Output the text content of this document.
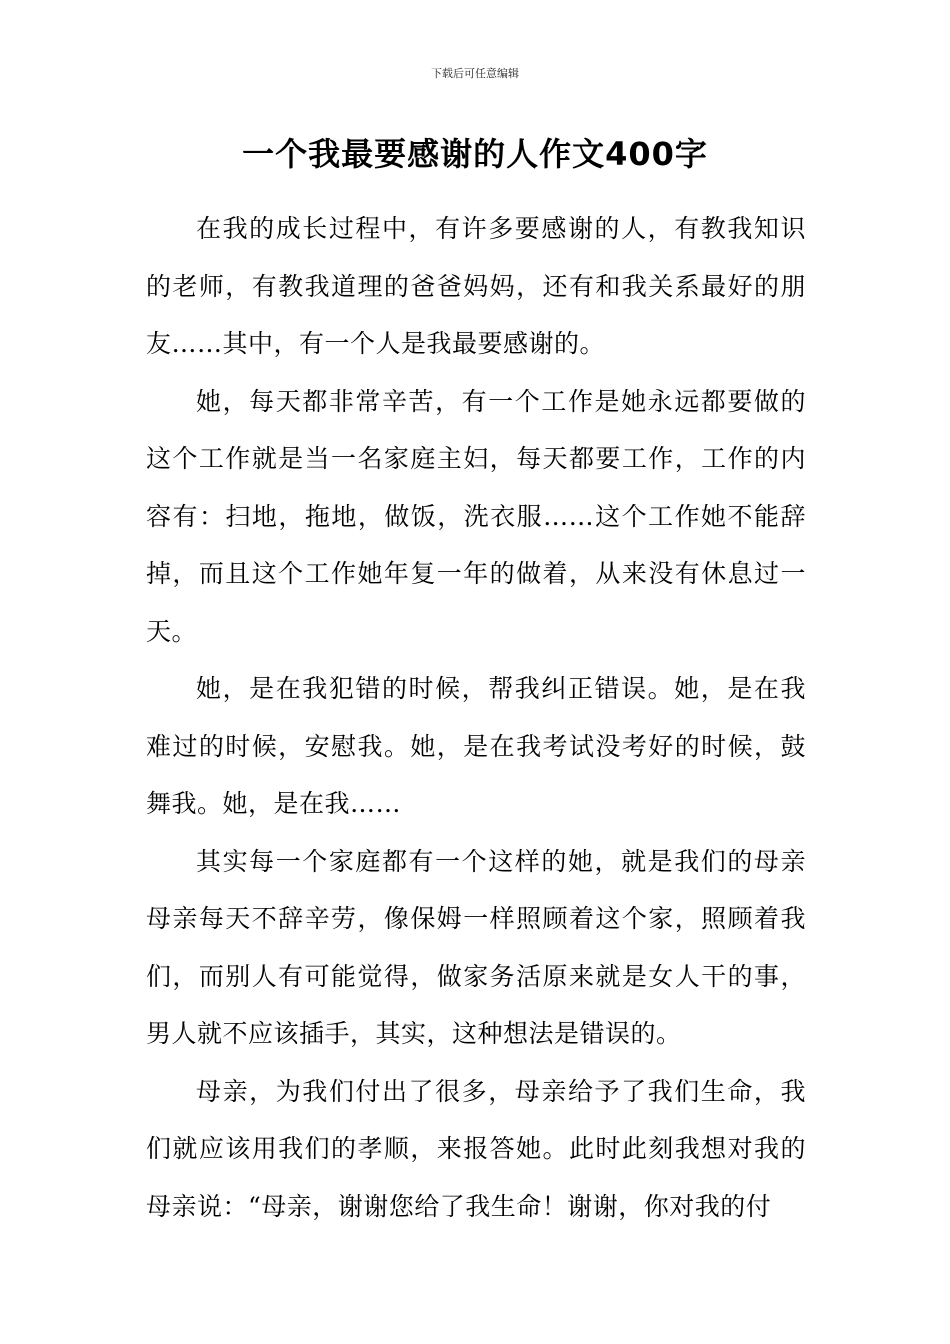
下载后可任意编辑
一个我最要感谢的人作文400字

在我的成长过程中，有许多要感谢的人，有教我知识的老师，有教我道理的爸爸妈妈，还有和我关系最好的朋友……其中，有一个人是我最要感谢的。

她，每天都非常辛苦，有一个工作是她永远都要做的这个工作就是当一名家庭主妇，每天都要工作，工作的内容有：扫地，拖地，做饭，洗衣服……这个工作她不能辞掉，而且这个工作她年复一年的做着，从来没有休息过一天。

她，是在我犯错的时候，帮我纠正错误。她，是在我难过的时候，安慰我。她，是在我考试没考好的时候，鼓舞我。她，是在我……

其实每一个家庭都有一个这样的她，就是我们的母亲母亲每天不辞辛劳，像保姆一样照顾着这个家，照顾着我们，而别人有可能觉得，做家务活原来就是女人干的事，男人就不应该插手，其实，这种想法是错误的。

母亲，为我们付出了很多，母亲给予了我们生命，我们就应该用我们的孝顺，来报答她。此时此刻我想对我的母亲说：“母亲，谢谢您给了我生命！谢谢，你对我的付
